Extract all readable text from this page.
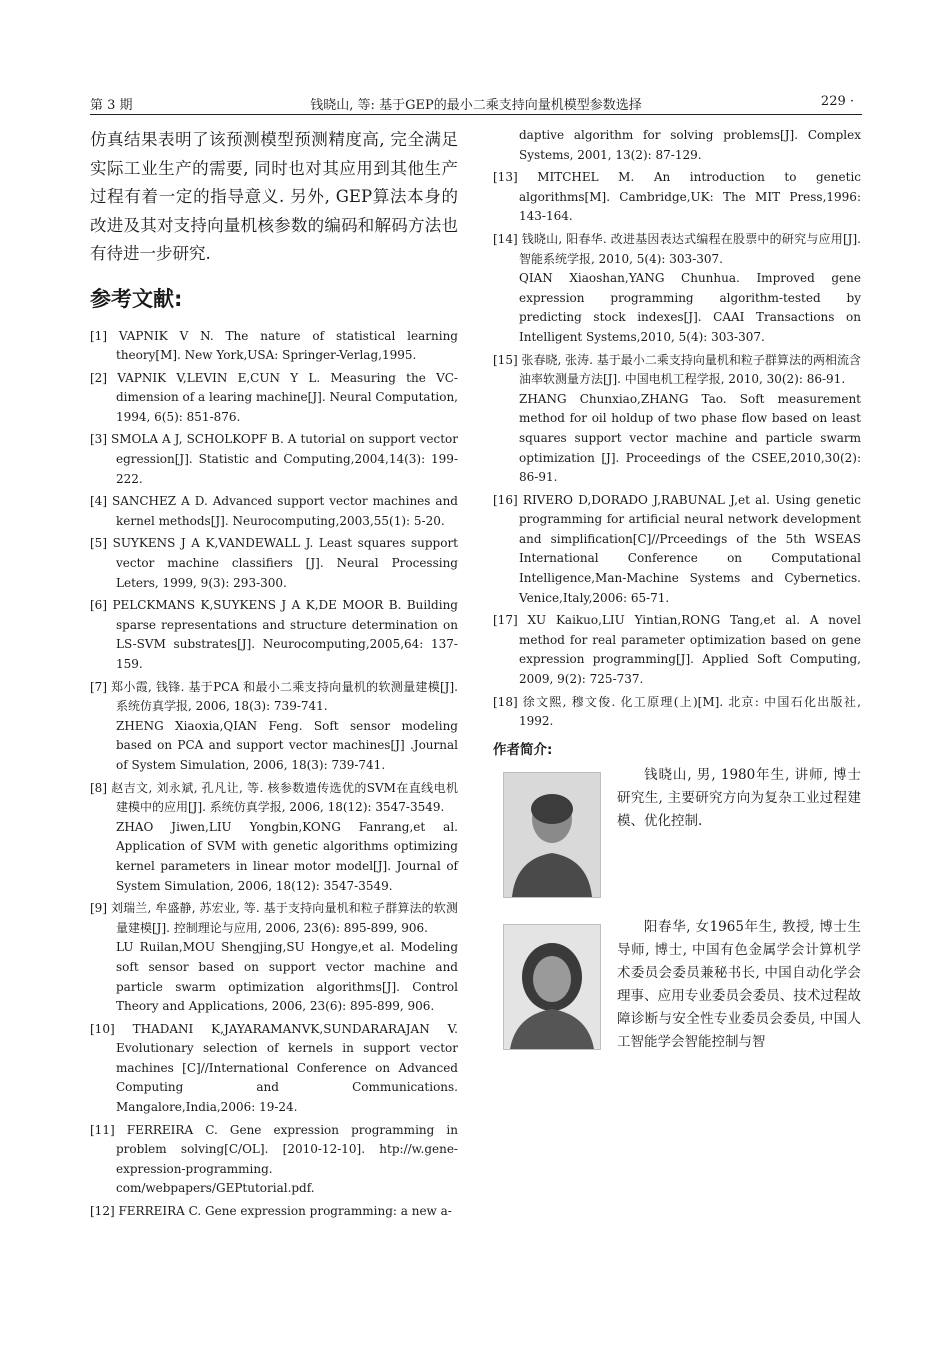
第 3 期	钱晓山, 等: 基于GEP的最小二乘支持向量机模型参数选择	229 ·

仿真结果表明了该预测模型预测精度高, 完全满足实际工业生产的需要, 同时也对其应用到其他生产过程有着一定的指导意义. 另外, GEP算法本身的改进及其对支持向量机核参数的编码和解码方法也有待进一步研究.

参考文献:

[1] VAPNIK V N. The nature of statistical learning theory[M]. New York,USA: Springer-Verlag,1995.

[2] VAPNIK V,LEVIN E,CUN Y L. Measuring the VC-dimension of a learing machine[J]. Neural Computation, 1994, 6(5): 851-876.

[3] SMOLA A J, SCHOLKOPF B. A tutorial on support vector egression[J]. Statistic and Computing,2004,14(3): 199-222.

[4] SANCHEZ A D. Advanced support vector machines and kernel methods[J]. Neurocomputing,2003,55(1): 5-20.

[5] SUYKENS J A K,VANDEWALL J. Least squares support vector machine classifiers [J]. Neural Processing Leters, 1999, 9(3): 293-300.

[6] PELCKMANS K,SUYKENS J A K,DE MOOR B. Building sparse representations and structure determination on LS-SVM substrates[J]. Neurocomputing,2005,64: 137-159.

[7] 郑小霞, 钱锋. 基于PCA 和最小二乘支持向量机的软测量建模[J]. 系统仿真学报, 2006, 18(3): 739-741.
ZHENG Xiaoxia,QIAN Feng. Soft sensor modeling based on PCA and support vector machines[J] .Journal of System Simulation, 2006, 18(3): 739-741.

[8] 赵吉文, 刘永斌, 孔凡让, 等. 核参数遗传选优的SVM在直线电机建模中的应用[J]. 系统仿真学报, 2006, 18(12): 3547-3549.
ZHAO Jiwen,LIU Yongbin,KONG Fanrang,et al. Application of SVM with genetic algorithms optimizing kernel parameters in linear motor model[J]. Journal of System Simulation, 2006, 18(12): 3547-3549.

[9] 刘瑞兰, 牟盛静, 苏宏业, 等. 基于支持向量机和粒子群算法的软测量建模[J]. 控制理论与应用, 2006, 23(6): 895-899, 906.
LU Ruilan,MOU Shengjing,SU Hongye,et al. Modeling soft sensor based on support vector machine and particle swarm optimization algorithms[J]. Control Theory and Applications, 2006, 23(6): 895-899, 906.

[10] THADANI K,JAYARAMANVK,SUNDARARAJAN V. Evolutionary selection of kernels in support vector machines [C]//International Conference on Advanced Computing and Communications. Mangalore,India,2006: 19-24.

[11] FERREIRA C. Gene expression programming in problem solving[C/OL]. [2010-12-10]. htp://w.gene-expression-programming. com/webpapers/GEPtutorial.pdf.

[12] FERREIRA C. Gene expression programming: a new a-

daptive algorithm for solving problems[J]. Complex Systems, 2001, 13(2): 87-129.

[13] MITCHEL M. An introduction to genetic algorithms[M]. Cambridge,UK: The MIT Press,1996: 143-164.

[14] 钱晓山, 阳春华. 改进基因表达式编程在股票中的研究与应用[J]. 智能系统学报, 2010, 5(4): 303-307.
QIAN Xiaoshan,YANG Chunhua. Improved gene expression programming algorithm-tested by predicting stock indexes[J]. CAAI Transactions on Intelligent Systems,2010, 5(4): 303-307.

[15] 张春晓, 张涛. 基于最小二乘支持向量机和粒子群算法的两相流含油率软测量方法[J]. 中国电机工程学报, 2010, 30(2): 86-91.
ZHANG Chunxiao,ZHANG Tao. Soft measurement method for oil holdup of two phase flow based on least squares support vector machine and particle swarm optimization [J]. Proceedings of the CSEE,2010,30(2): 86-91.

[16] RIVERO D,DORADO J,RABUNAL J,et al. Using genetic programming for artificial neural network development and simplification[C]//Prceedings of the 5th WSEAS International Conference on Computational Intelligence,Man-Machine Systems and Cybernetics. Venice,Italy,2006: 65-71.

[17] XU Kaikuo,LIU Yintian,RONG Tang,et al. A novel method for real parameter optimization based on gene expression programming[J]. Applied Soft Computing, 2009, 9(2): 725-737.

[18] 徐文熙, 穆文俊. 化工原理(上)[M]. 北京: 中国石化出版社, 1992.

作者简介:
钱晓山, 男, 1980年生, 讲师, 博士研究生, 主要研究方向为复杂工业过程建模、优化控制.
阳春华, 女1965年生, 教授, 博士生导师, 博士, 中国有色金属学会计算机学术委员会委员兼秘书长, 中国自动化学会理事、应用专业委员会委员、技术过程故障诊断与安全性专业委员会委员, 中国人工智能学会智能控制与智
